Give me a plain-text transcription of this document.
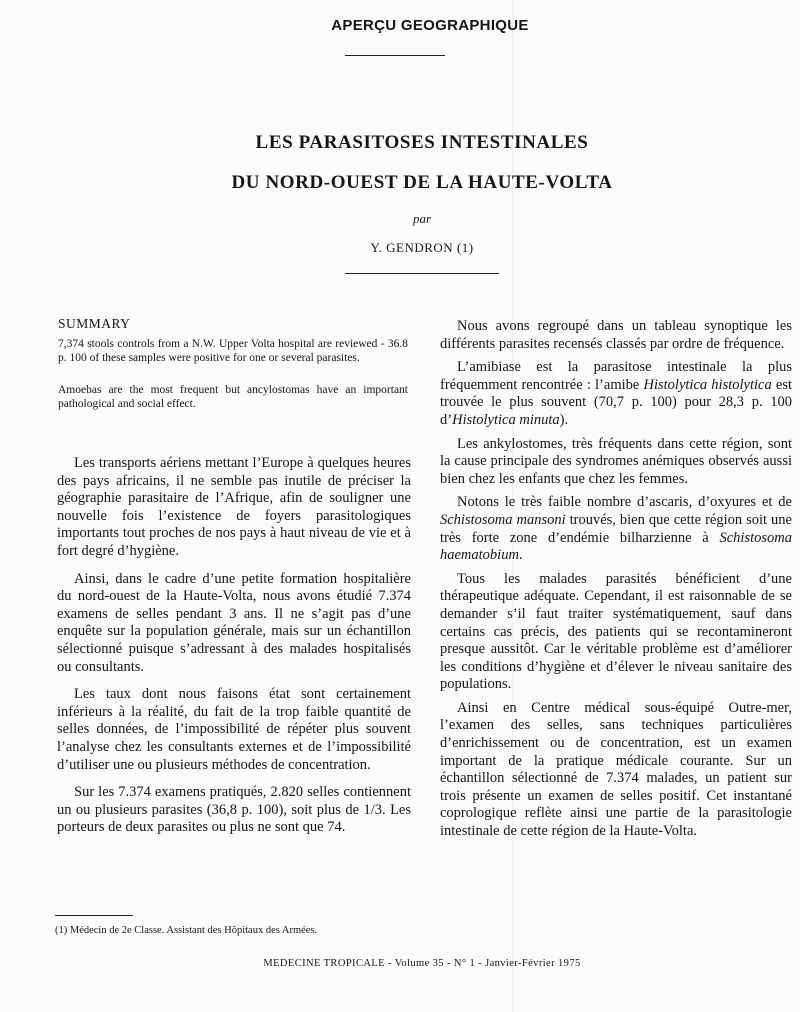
APERÇU GEOGRAPHIQUE
LES PARASITOSES INTESTINALES
DU NORD-OUEST DE LA HAUTE-VOLTA
par
Y. GENDRON (1)
SUMMARY

7,374 stools controls from a N.W. Upper Volta hospital are reviewed - 36.8 p. 100 of these samples were positive for one or several parasites.

Amoebas are the most frequent but ancylostomas have an important pathological and social effect.

Les transports aériens mettant l’Europe à quelques heures des pays africains, il ne semble pas inutile de préciser la géographie parasitaire de l’Afrique, afin de souligner une nouvelle fois l’existence de foyers parasitologiques importants tout proches de nos pays à haut niveau de vie et à fort degré d’hygiène.

Ainsi, dans le cadre d’une petite formation hospitalière du nord-ouest de la Haute-Volta, nous avons étudié 7.374 examens de selles pendant 3 ans. Il ne s’agit pas d’une enquête sur la population générale, mais sur un échantillon sélectionné puisque s’adressant à des malades hospitalisés ou consultants.

Les taux dont nous faisons état sont certainement inférieurs à la réalité, du fait de la trop faible quantité de selles données, de l’impossibilité de répéter plus souvent l’analyse chez les consultants externes et de l’impossibilité d’utiliser une ou plusieurs méthodes de concentration.

Sur les 7.374 examens pratiqués, 2.820 selles contiennent un ou plusieurs parasites (36,8 p. 100), soit plus de 1/3. Les porteurs de deux parasites ou plus ne sont que 74.

Nous avons regroupé dans un tableau synoptique les différents parasites recensés classés par ordre de fréquence.

L’amibiase est la parasitose intestinale la plus fréquemment rencontrée : l’amibe Histolytica histolytica est trouvée le plus souvent (70,7 p. 100) pour 28,3 p. 100 d’Histolytica minuta).

Les ankylostomes, très fréquents dans cette région, sont la cause principale des syndromes anémiques observés aussi bien chez les enfants que chez les femmes.

Notons le très faible nombre d’ascaris, d’oxyures et de Schistosoma mansoni trouvés, bien que cette région soit une très forte zone d’endémie bilharzienne à Schistosoma haematobium.

Tous les malades parasités bénéficient d’une thérapeutique adéquate. Cependant, il est raisonnable de se demander s’il faut traiter systématiquement, sauf dans certains cas précis, des patients qui se recontamineront presque aussitôt. Car le véritable problème est d’améliorer les conditions d’hygiène et d’élever le niveau sanitaire des populations.

Ainsi en Centre médical sous-équipé Outre-mer, l’examen des selles, sans techniques particulières d’enrichissement ou de concentration, est un examen important de la pratique médicale courante. Sur un échantillon sélectionné de 7.374 malades, un patient sur trois présente un examen de selles positif. Cet instantané coprologique reflète ainsi une partie de la parasitologie intestinale de cette région de la Haute-Volta.

(1) Médecin de 2e Classe. Assistant des Hôpitaux des Armées.
MEDECINE TROPICALE - Volume 35 - N° 1 - Janvier-Février 1975
